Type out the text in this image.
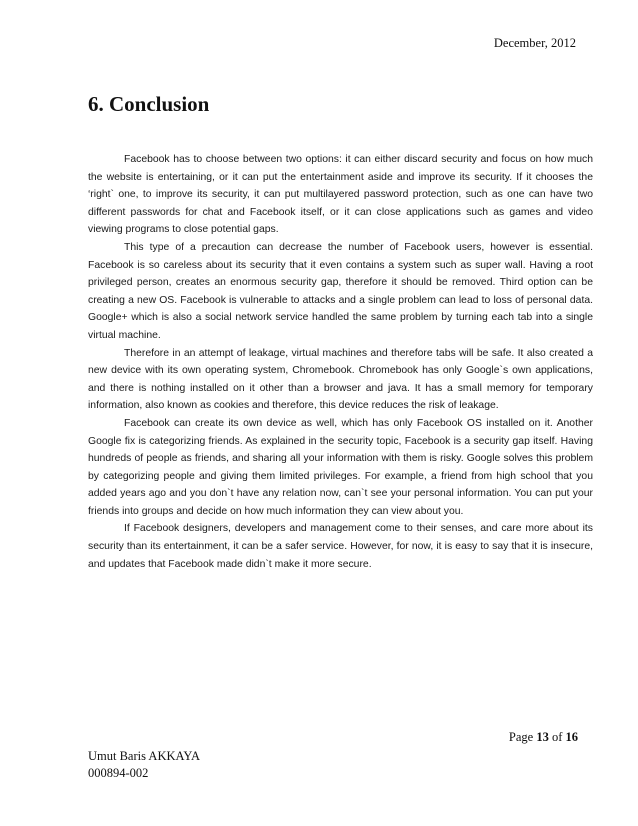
December, 2012
6. Conclusion

Facebook has to choose between two options: it can either discard security and focus on how much the website is entertaining, or it can put the entertainment aside and improve its security. If it chooses the ‘right` one, to improve its security, it can put multilayered password protection, such as one can have two different passwords for chat and Facebook itself, or it can close applications such as games and video viewing programs to close potential gaps.

This type of a precaution can decrease the number of Facebook users, however is essential. Facebook is so careless about its security that it even contains a system such as super wall. Having a root privileged person, creates an enormous security gap, therefore it should be removed. Third option can be creating a new OS. Facebook is vulnerable to attacks and a single problem can lead to loss of personal data. Google+ which is also a social network service handled the same problem by turning each tab into a single virtual machine.

Therefore in an attempt of leakage, virtual machines and therefore tabs will be safe. It also created a new device with its own operating system, Chromebook. Chromebook has only Google`s own applications, and there is nothing installed on it other than a browser and java. It has a small memory for temporary information, also known as cookies and therefore, this device reduces the risk of leakage.

Facebook can create its own device as well, which has only Facebook OS installed on it. Another Google fix is categorizing friends. As explained in the security topic, Facebook is a security gap itself. Having hundreds of people as friends, and sharing all your information with them is risky. Google solves this problem by categorizing people and giving them limited privileges. For example, a friend from high school that you added years ago and you don`t have any relation now, can`t see your personal information. You can put your friends into groups and decide on how much information they can view about you.

If Facebook designers, developers and management come to their senses, and care more about its security than its entertainment, it can be a safer service. However, for now, it is easy to say that it is insecure, and updates that Facebook made didn`t make it more secure.

Page 13 of 16
Umut Baris AKKAYA
000894-002
